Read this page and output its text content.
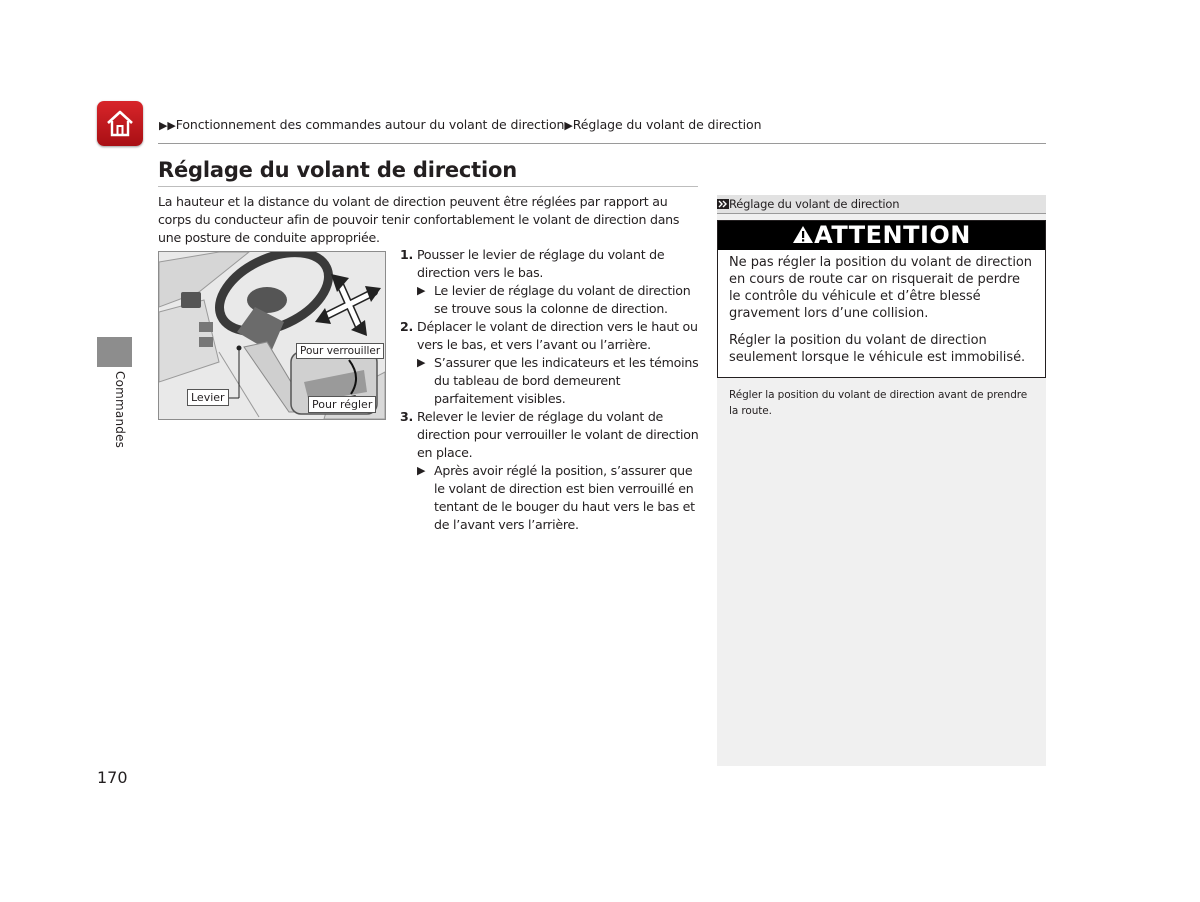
▶▶Fonctionnement des commandes autour du volant de direction▶Réglage du volant de direction
Réglage du volant de direction
La hauteur et la distance du volant de direction peuvent être réglées par rapport au corps du conducteur afin de pouvoir tenir confortablement le volant de direction dans une posture de conduite appropriée.
Pour verrouiller
Pour régler
Levier
1. Pousser le levier de réglage du volant de direction vers le bas.
▶ Le levier de réglage du volant de direction se trouve sous la colonne de direction.
2. Déplacer le volant de direction vers le haut ou vers le bas, et vers l’avant ou l’arrière.
▶ S’assurer que les indicateurs et les témoins du tableau de bord demeurent parfaitement visibles.
3. Relever le levier de réglage du volant de direction pour verrouiller le volant de direction en place.
▶ Après avoir réglé la position, s’assurer que le volant de direction est bien verrouillé en tentant de le bouger du haut vers le bas et de l’avant vers l’arrière.
Commandes
Réglage du volant de direction
ATTENTION

Ne pas régler la position du volant de direction en cours de route car on risquerait de perdre le contrôle du véhicule et d’être blessé gravement lors d’une collision.

Régler la position du volant de direction seulement lorsque le véhicule est immobilisé.

Régler la position du volant de direction avant de prendre la route.
170
